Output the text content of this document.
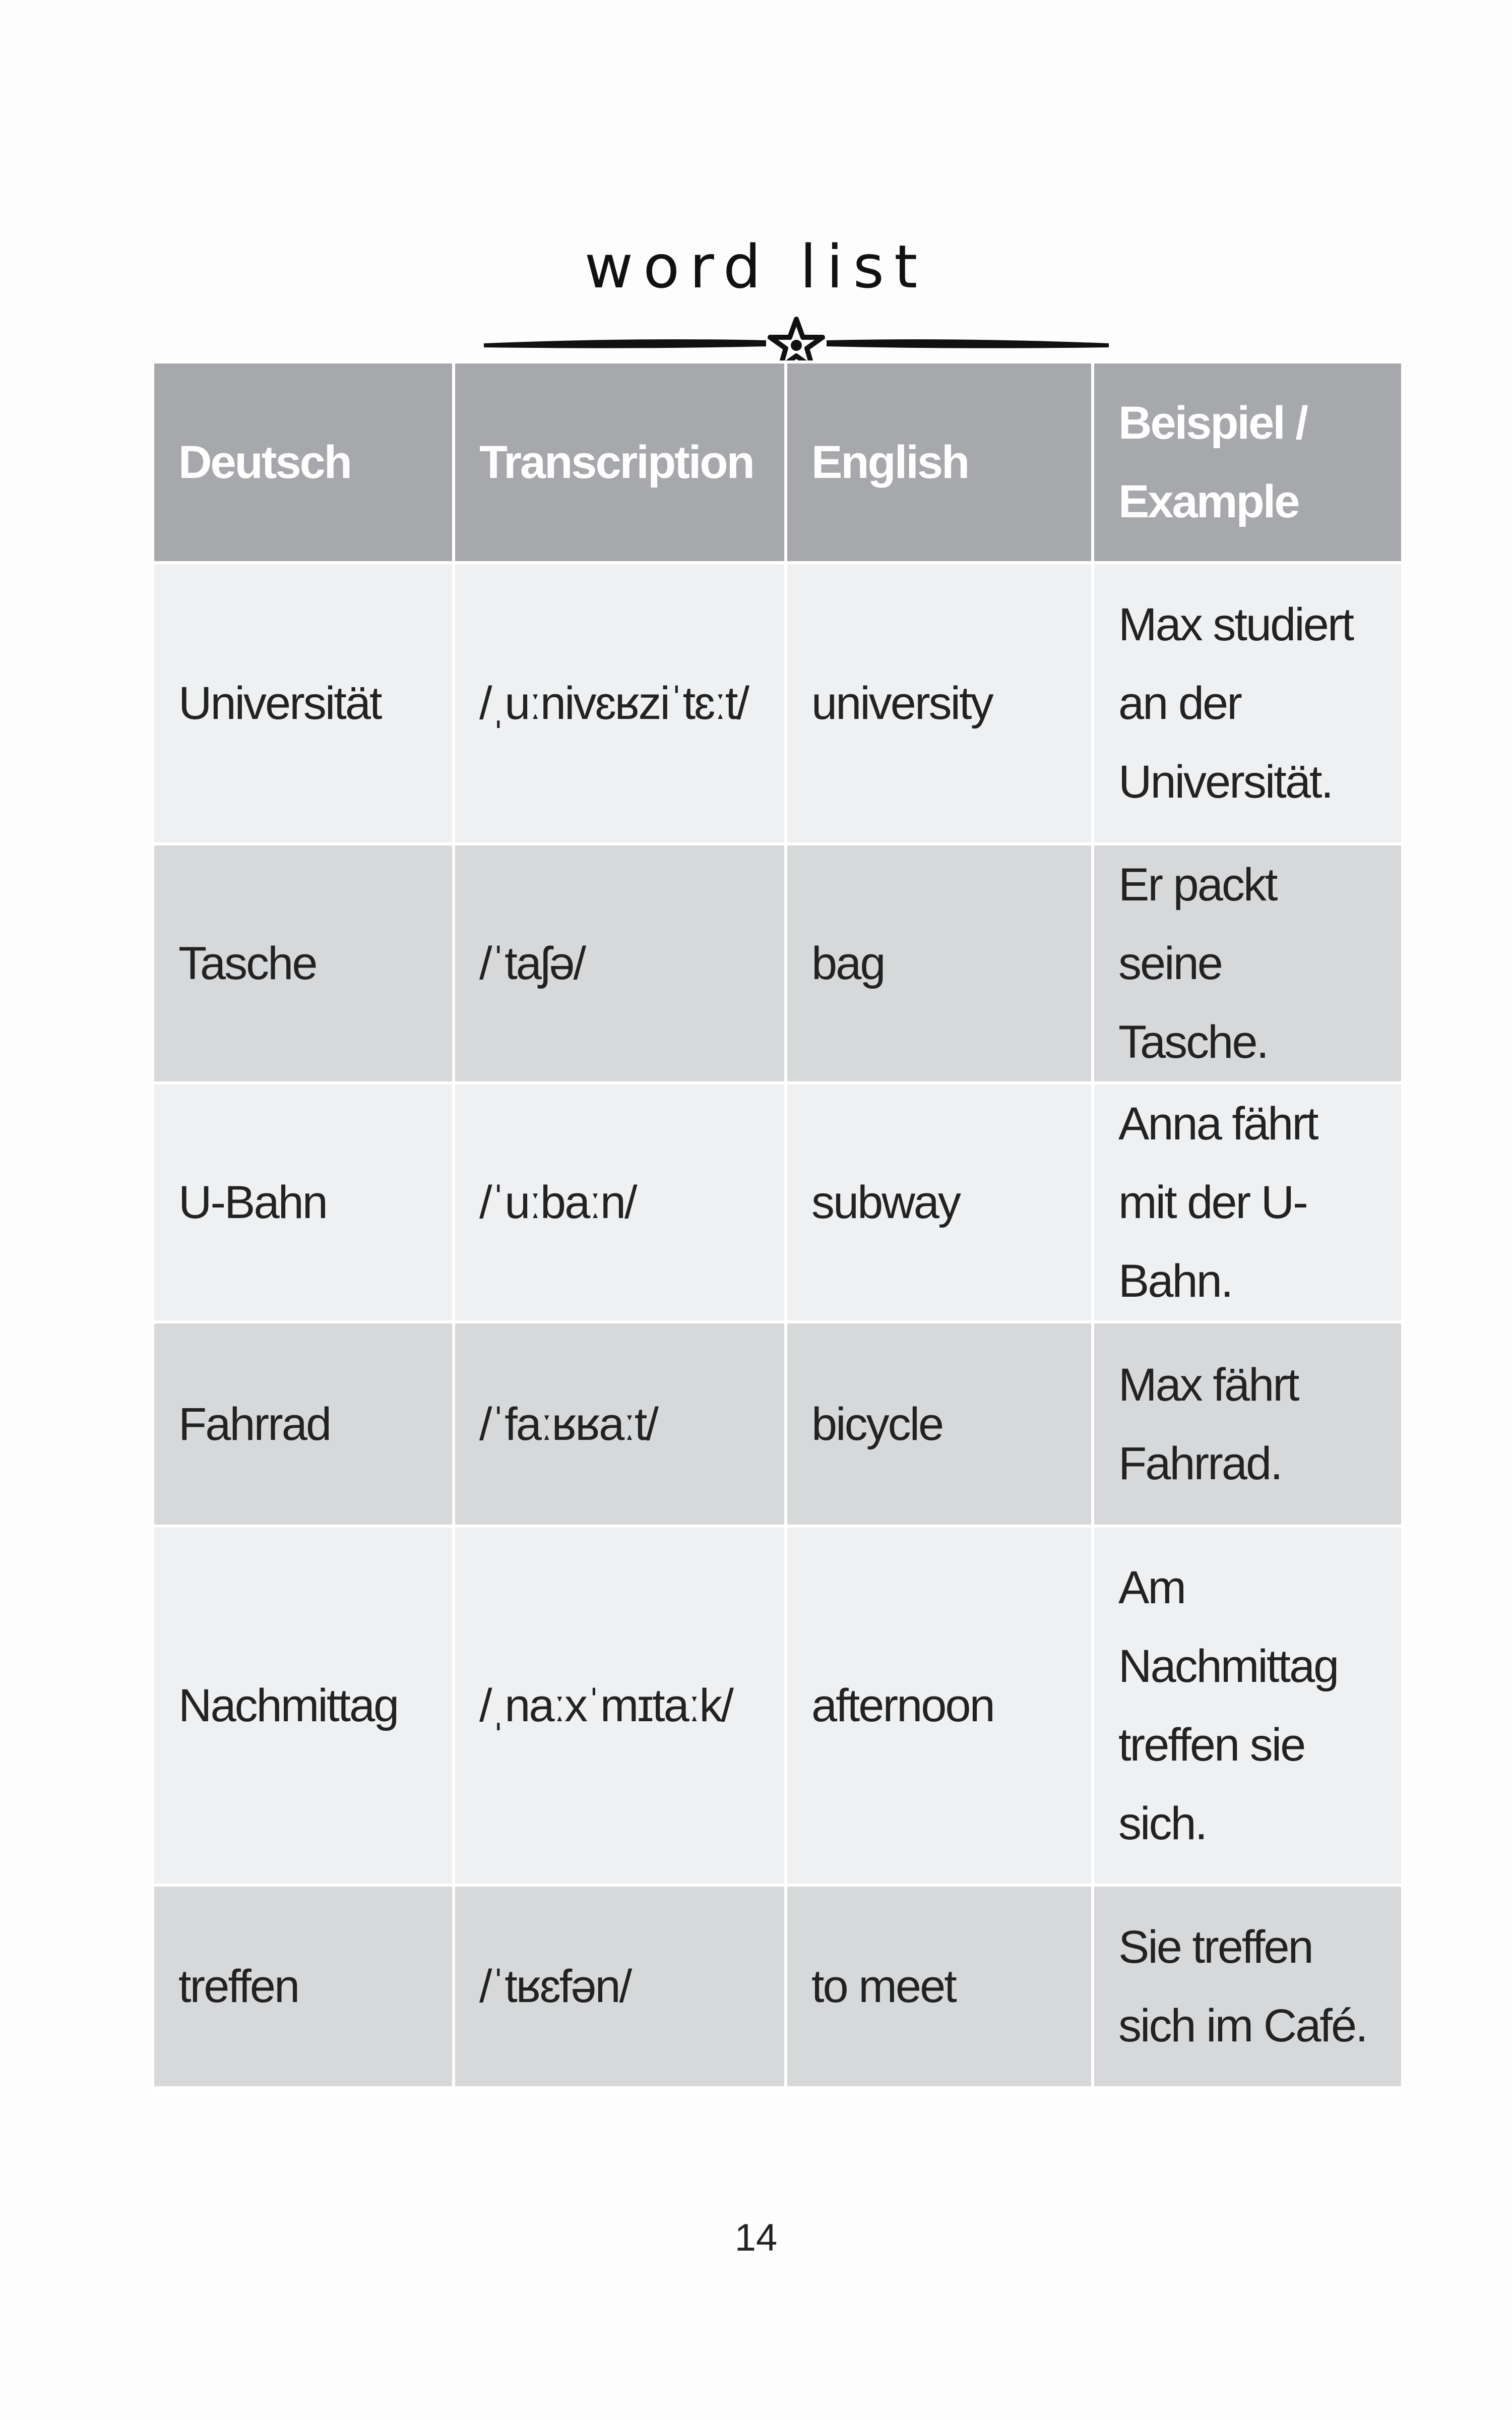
word list
Deutsch	Transcription	English	Beispiel / Example
Universität	/ˌuːnivɛʁziˈtɛːt/	university	Max studiert an der Universität.
Tasche	/ˈtaʃə/	bag	Er packt seine Tasche.
U-Bahn	/ˈuːbaːn/	subway	Anna fährt mit der U-Bahn.
Fahrrad	/ˈfaːʁʁaːt/	bicycle	Max fährt Fahrrad.
Nachmittag	/ˌnaːxˈmɪtaːk/	afternoon	Am Nachmittag treffen sie sich.
treffen	/ˈtʁɛfən/	to meet	Sie treffen sich im Café.
14
